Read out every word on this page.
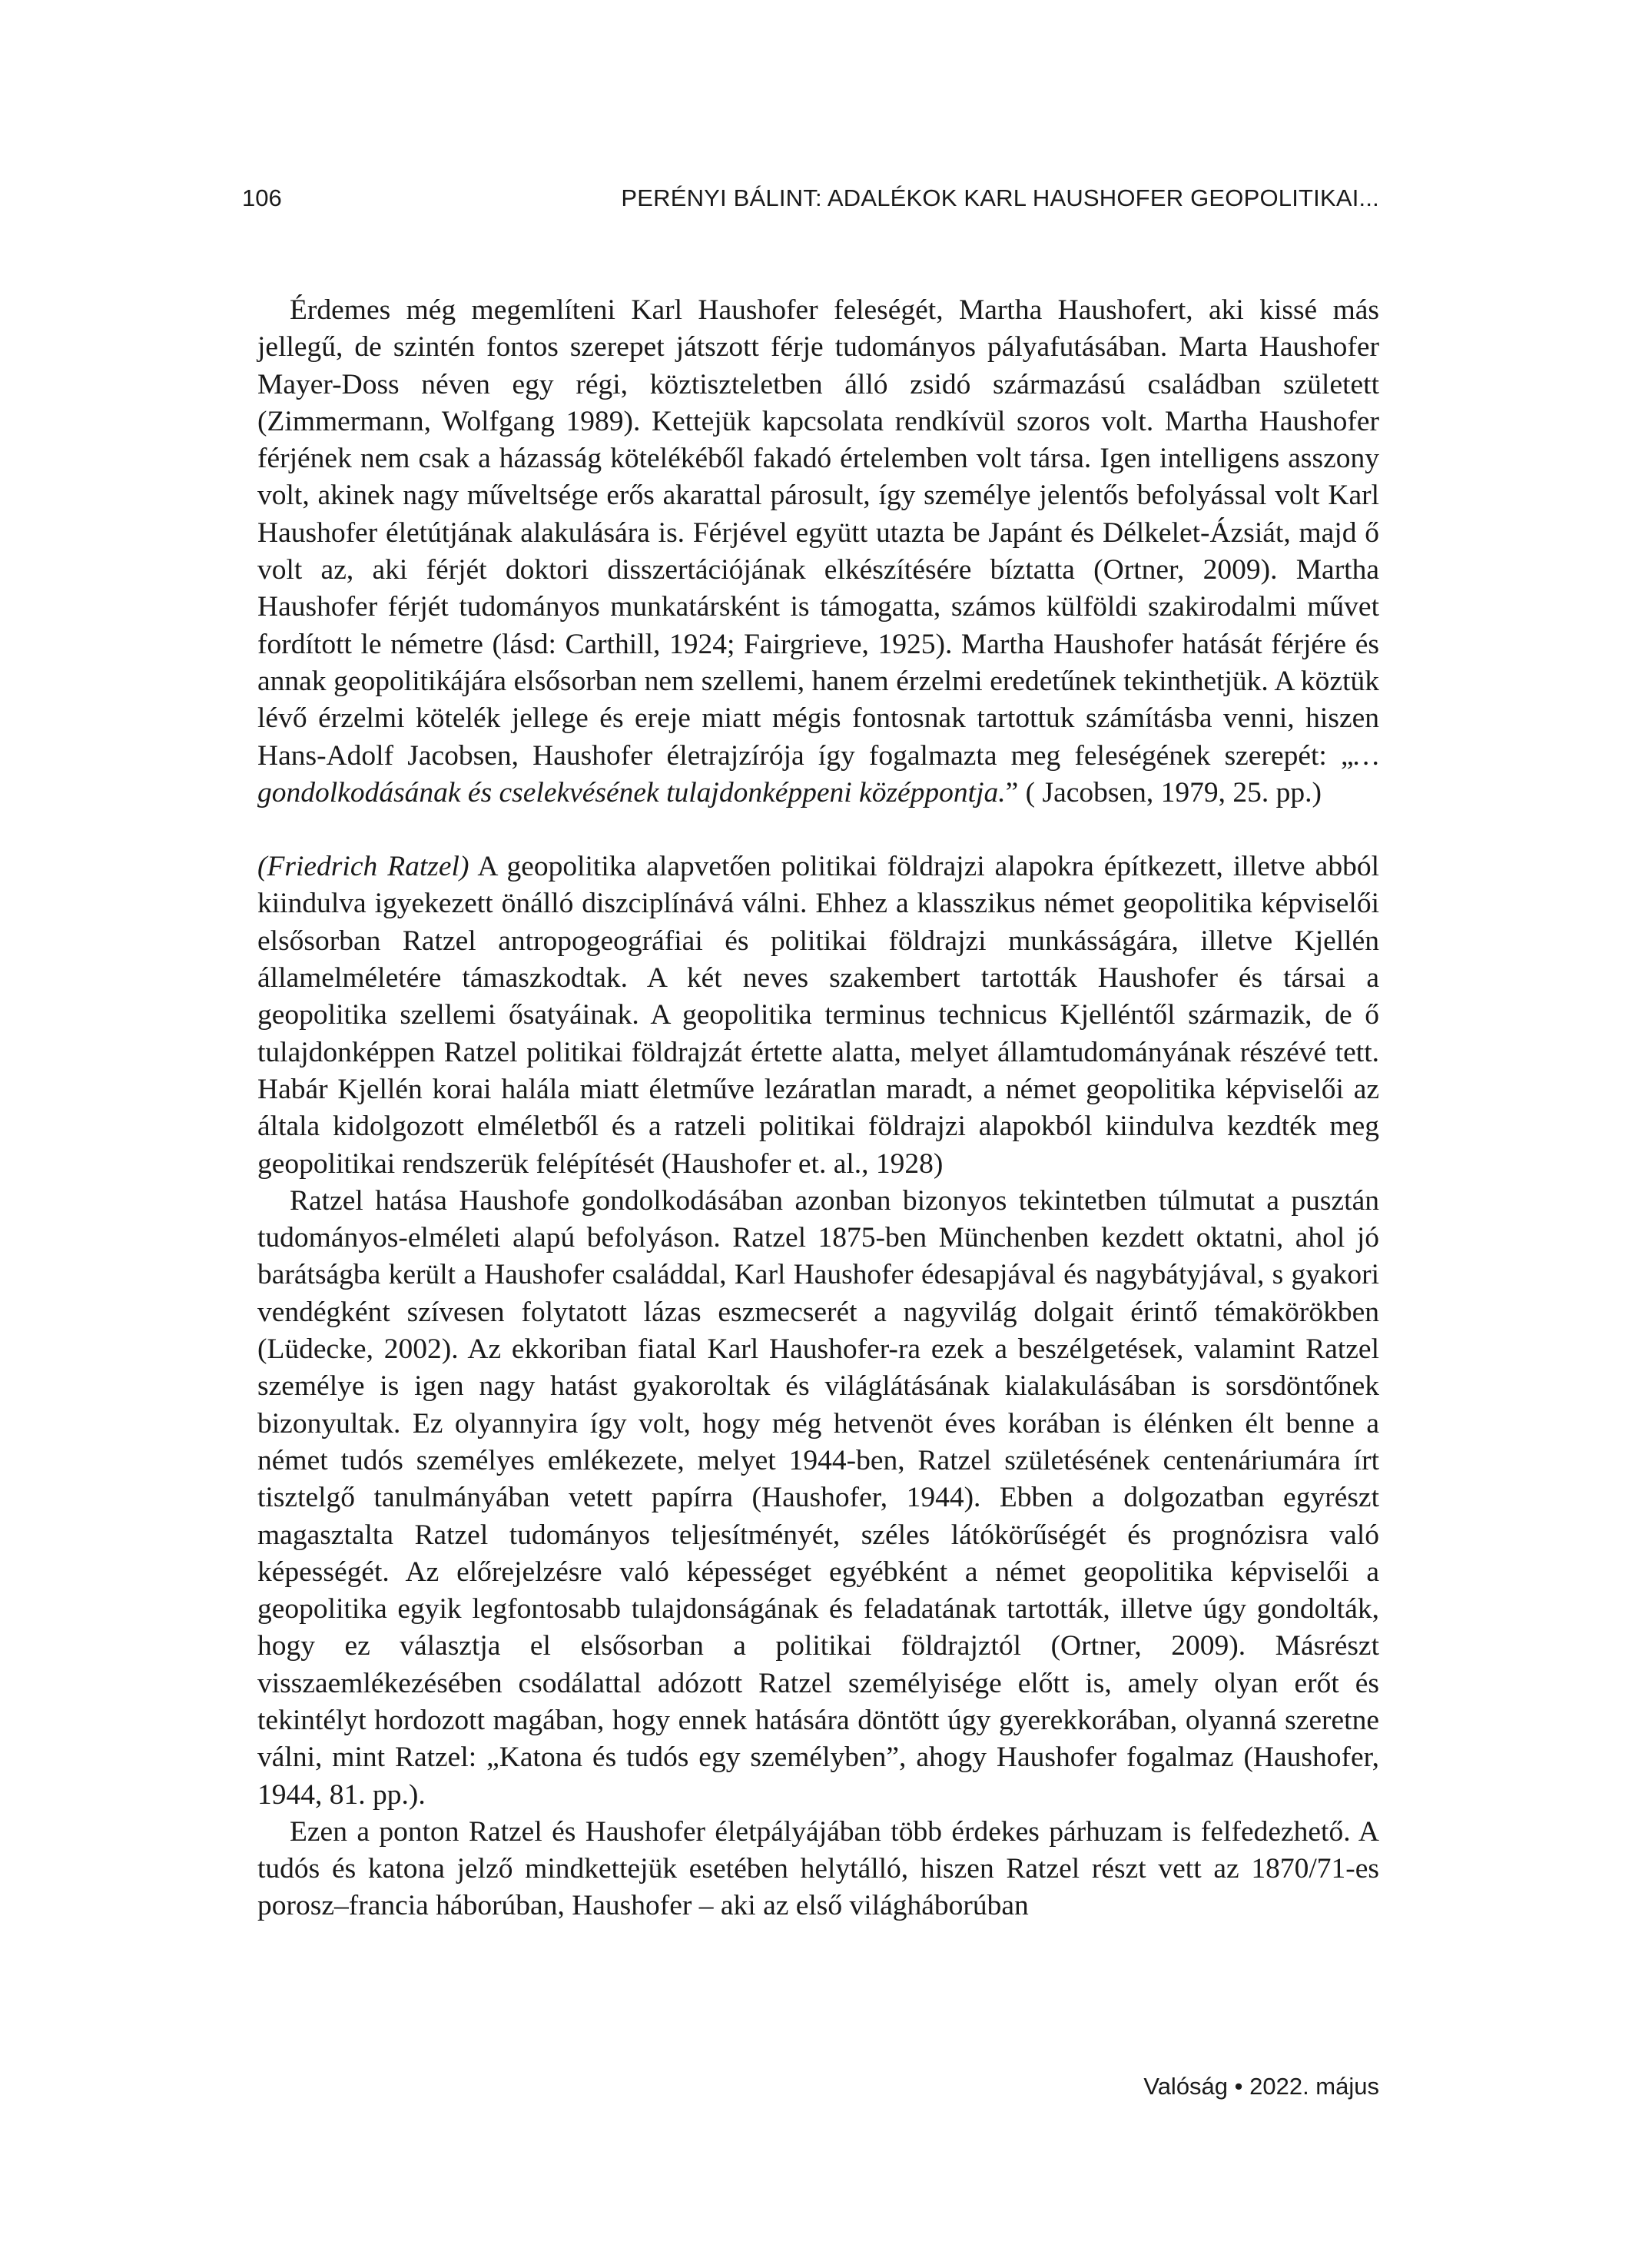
106	PERÉNYI BÁLINT: ADALÉKOK KARL HAUSHOFER GEOPOLITIKAI...

Érdemes még megemlíteni Karl Haushofer feleségét, Martha Haushofert, aki kissé más jellegű, de szintén fontos szerepet játszott férje tudományos pályafutásában. Marta Haushofer Mayer-Doss néven egy régi, köztiszteletben álló zsidó származású családban született (Zimmermann, Wolfgang 1989). Kettejük kapcsolata rendkívül szoros volt. Martha Haushofer férjének nem csak a házasság kötelékéből fakadó értelemben volt társa. Igen intelligens asszony volt, akinek nagy műveltsége erős akarattal párosult, így személye jelentős befolyással volt Karl Haushofer életútjának alakulására is. Férjével együtt utazta be Japánt és Délkelet-Ázsiát, majd ő volt az, aki férjét doktori disszertációjának elkészítésére bíztatta (Ortner, 2009). Martha Haushofer férjét tudományos munkatársként is támogatta, számos külföldi szakirodalmi művet fordított le németre (lásd: Carthill, 1924; Fairgrieve, 1925). Martha Haushofer hatását férjére és annak geopolitikájára elsősorban nem szellemi, hanem érzelmi eredetűnek tekinthetjük. A köztük lévő érzelmi kötelék jellege és ereje miatt mégis fontosnak tartottuk számításba venni, hiszen Hans-Adolf Jacobsen, Haushofer életrajzírója így fogalmazta meg feleségének szerepét: „…gondolkodásának és cselekvésének tulajdonképpeni középpontja.” ( Jacobsen, 1979, 25. pp.)

(Friedrich Ratzel) A geopolitika alapvetően politikai földrajzi alapokra építkezett, illetve abból kiindulva igyekezett önálló diszciplínává válni. Ehhez a klasszikus német geopolitika képviselői elsősorban Ratzel antropogeográfiai és politikai földrajzi munkásságára, illetve Kjellén államelméletére támaszkodtak. A két neves szakembert tartották Haushofer és társai a geopolitika szellemi ősatyáinak. A geopolitika terminus technicus Kjelléntől származik, de ő tulajdonképpen Ratzel politikai földrajzát értette alatta, melyet államtudományának részévé tett. Habár Kjellén korai halála miatt életműve lezáratlan maradt, a német geopolitika képviselői az általa kidolgozott elméletből és a ratzeli politikai földrajzi alapokból kiindulva kezdték meg geopolitikai rendszerük felépítését (Haushofer et. al., 1928)

Ratzel hatása Haushofe gondolkodásában azonban bizonyos tekintetben túlmutat a pusztán tudományos-elméleti alapú befolyáson. Ratzel 1875-ben Münchenben kezdett oktatni, ahol jó barátságba került a Haushofer családdal, Karl Haushofer édesapjával és nagybátyjával, s gyakori vendégként szívesen folytatott lázas eszmecserét a nagyvilág dolgait érintő témakörökben (Lüdecke, 2002). Az ekkoriban fiatal Karl Haushofer-ra ezek a beszélgetések, valamint Ratzel személye is igen nagy hatást gyakoroltak és világlátásának kialakulásában is sorsdöntőnek bizonyultak. Ez olyannyira így volt, hogy még hetvenöt éves korában is élénken élt benne a német tudós személyes emlékezete, melyet 1944-ben, Ratzel születésének centenáriumára írt tisztelgő tanulmányában vetett papírra (Haushofer, 1944). Ebben a dolgozatban egyrészt magasztalta Ratzel tudományos teljesítményét, széles látókörűségét és prognózisra való képességét. Az előrejelzésre való képességet egyébként a német geopolitika képviselői a geopolitika egyik legfontosabb tulajdonságának és feladatának tartották, illetve úgy gondolták, hogy ez választja el elsősorban a politikai földrajztól (Ortner, 2009). Másrészt visszaemlékezésében csodálattal adózott Ratzel személyisége előtt is, amely olyan erőt és tekintélyt hordozott magában, hogy ennek hatására döntött úgy gyerekkorában, olyanná szeretne válni, mint Ratzel: „Katona és tudós egy személyben”, ahogy Haushofer fogalmaz (Haushofer, 1944, 81. pp.).

Ezen a ponton Ratzel és Haushofer életpályájában több érdekes párhuzam is felfedezhető. A tudós és katona jelző mindkettejük esetében helytálló, hiszen Ratzel részt vett az 1870/71-es porosz–francia háborúban, Haushofer – aki az első világháborúban

Valóság • 2022. május
